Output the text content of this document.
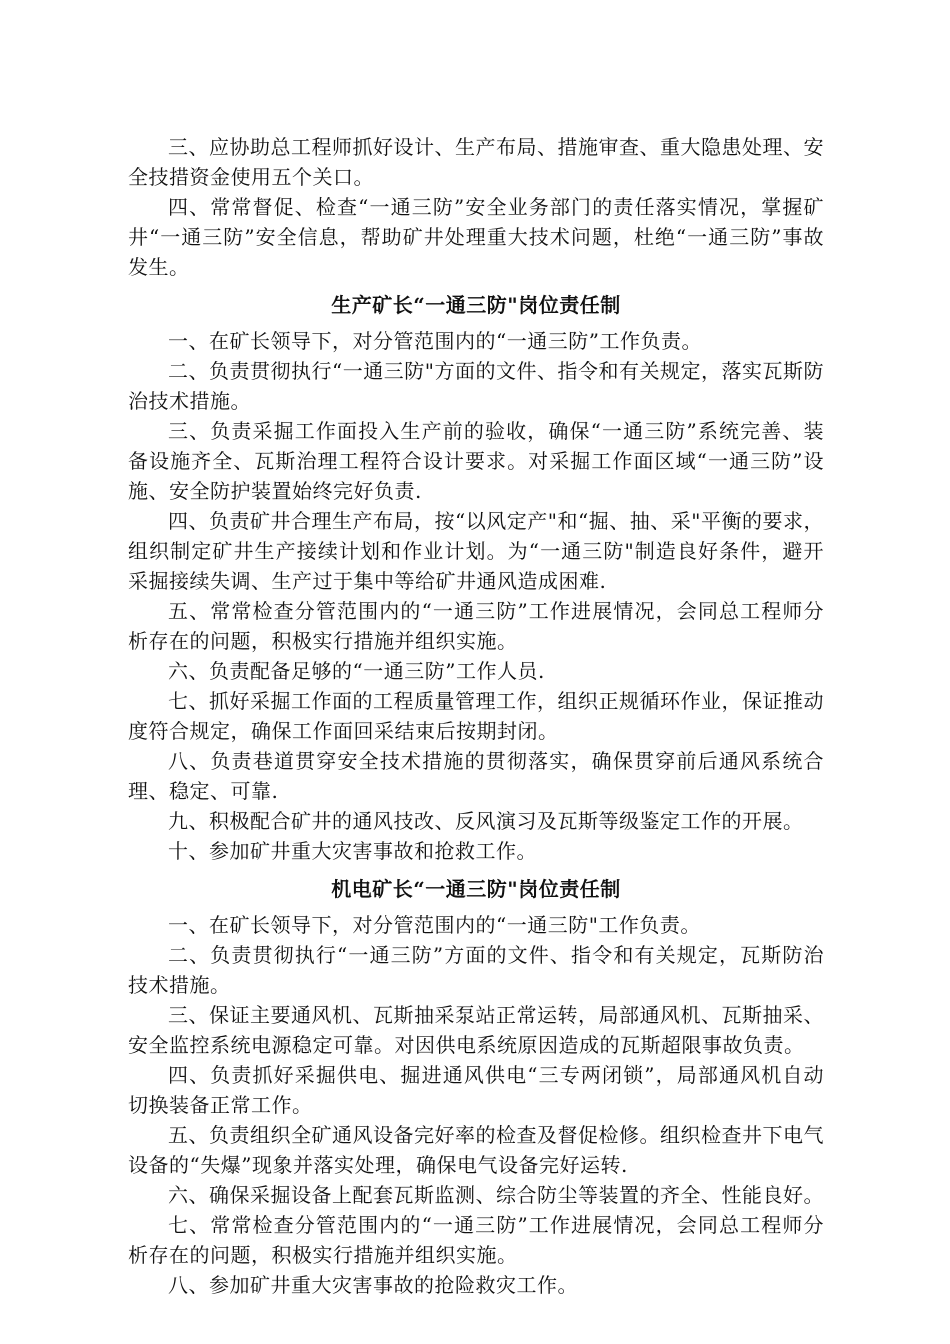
三、应协助总工程师抓好设计、生产布局、措施审查、重大隐患处理、安全技措资金使用五个关口。

四、常常督促、检查“一通三防”安全业务部门的责任落实情况，掌握矿井“一通三防”安全信息，帮助矿井处理重大技术问题，杜绝“一通三防”事故发生。

生产矿长“一通三防"岗位责任制

一、在矿长领导下，对分管范围内的“一通三防”工作负责。

二、负责贯彻执行“一通三防"方面的文件、指令和有关规定，落实瓦斯防治技术措施。

三、负责采掘工作面投入生产前的验收，确保“一通三防”系统完善、装备设施齐全、瓦斯治理工程符合设计要求。对采掘工作面区域“一通三防”设施、安全防护装置始终完好负责.

四、负责矿井合理生产布局，按“以风定产"和“掘、抽、采"平衡的要求，组织制定矿井生产接续计划和作业计划。为“一通三防"制造良好条件，避开采掘接续失调、生产过于集中等给矿井通风造成困难.

五、常常检查分管范围内的“一通三防”工作进展情况，会同总工程师分析存在的问题，积极实行措施并组织实施。

六、负责配备足够的“一通三防”工作人员.

七、抓好采掘工作面的工程质量管理工作，组织正规循环作业，保证推动度符合规定，确保工作面回采结束后按期封闭。

八、负责巷道贯穿安全技术措施的贯彻落实，确保贯穿前后通风系统合理、稳定、可靠.

九、积极配合矿井的通风技改、反风演习及瓦斯等级鉴定工作的开展。

十、参加矿井重大灾害事故和抢救工作。

机电矿长“一通三防"岗位责任制

一、在矿长领导下，对分管范围内的“一通三防"工作负责。

二、负责贯彻执行“一通三防”方面的文件、指令和有关规定，瓦斯防治技术措施。

三、保证主要通风机、瓦斯抽采泵站正常运转，局部通风机、瓦斯抽采、安全监控系统电源稳定可靠。对因供电系统原因造成的瓦斯超限事故负责。

四、负责抓好采掘供电、掘进通风供电“三专两闭锁”，局部通风机自动切换装备正常工作。

五、负责组织全矿通风设备完好率的检查及督促检修。组织检查井下电气设备的“失爆”现象并落实处理，确保电气设备完好运转.

六、确保采掘设备上配套瓦斯监测、综合防尘等装置的齐全、性能良好。

七、常常检查分管范围内的“一通三防”工作进展情况，会同总工程师分析存在的问题，积极实行措施并组织实施。

八、参加矿井重大灾害事故的抢险救灾工作。
